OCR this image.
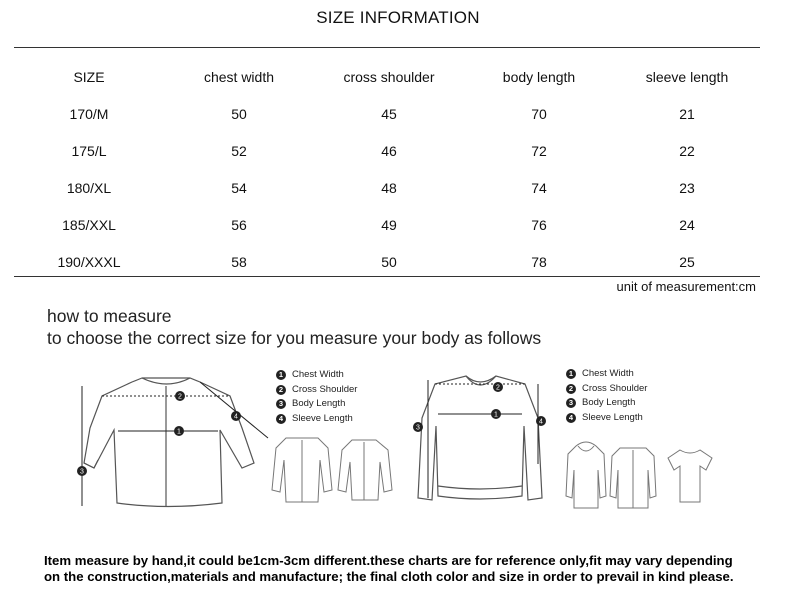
SIZE INFORMATION
SIZE	chest width	cross shoulder	body length	sleeve length
170/M	50	45	70	21
175/L	52	46	72	22
180/XL	54	48	74	23
185/XXL	56	49	76	24
190/XXXL	58	50	78	25
unit of measurement:cm
how to measure
to choose the correct size for you measure your body as follows
1
2
3
4
1 Chest Width
2 Cross Shoulder
3 Body Length
4 Sleeve Length	1
2
3
4
1 Chest Width
2 Cross Shoulder
3 Body Length
4 Sleeve Length
Item measure by hand,it could be1cm-3cm different.these charts are for reference only,fit may vary depending
on the construction,materials and manufacture; the final cloth color and size in order to prevail in kind please.
